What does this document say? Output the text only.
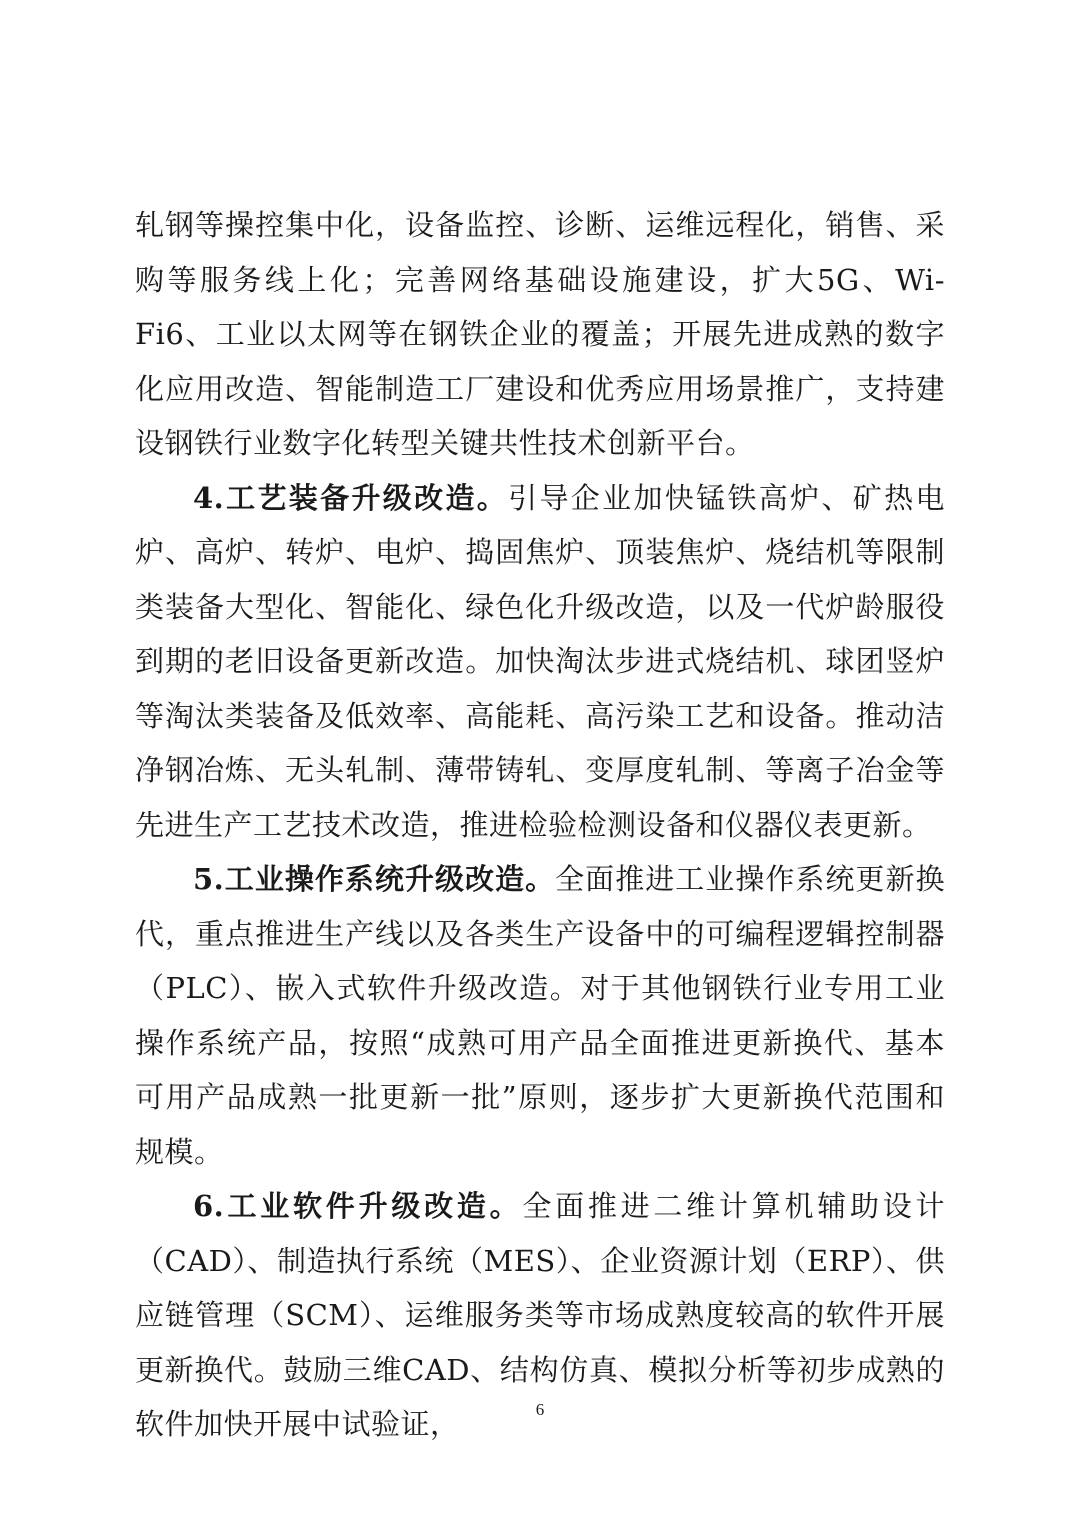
轧钢等操控集中化，设备监控、诊断、运维远程化，销售、采购等服务线上化；完善网络基础设施建设，扩大5G、Wi-Fi6、工业以太网等在钢铁企业的覆盖；开展先进成熟的数字化应用改造、智能制造工厂建设和优秀应用场景推广，支持建设钢铁行业数字化转型关键共性技术创新平台。

4.工艺装备升级改造。引导企业加快锰铁高炉、矿热电炉、高炉、转炉、电炉、捣固焦炉、顶装焦炉、烧结机等限制类装备大型化、智能化、绿色化升级改造，以及一代炉龄服役到期的老旧设备更新改造。加快淘汰步进式烧结机、球团竖炉等淘汰类装备及低效率、高能耗、高污染工艺和设备。推动洁净钢冶炼、无头轧制、薄带铸轧、变厚度轧制、等离子冶金等先进生产工艺技术改造，推进检验检测设备和仪器仪表更新。

5.工业操作系统升级改造。全面推进工业操作系统更新换代，重点推进生产线以及各类生产设备中的可编程逻辑控制器（PLC）、嵌入式软件升级改造。对于其他钢铁行业专用工业操作系统产品，按照“成熟可用产品全面推进更新换代、基本可用产品成熟一批更新一批”原则，逐步扩大更新换代范围和规模。

6.工业软件升级改造。全面推进二维计算机辅助设计（CAD）、制造执行系统（MES）、企业资源计划（ERP）、供应链管理（SCM）、运维服务类等市场成熟度较高的软件开展更新换代。鼓励三维CAD、结构仿真、模拟分析等初步成熟的软件加快开展中试验证，	6
